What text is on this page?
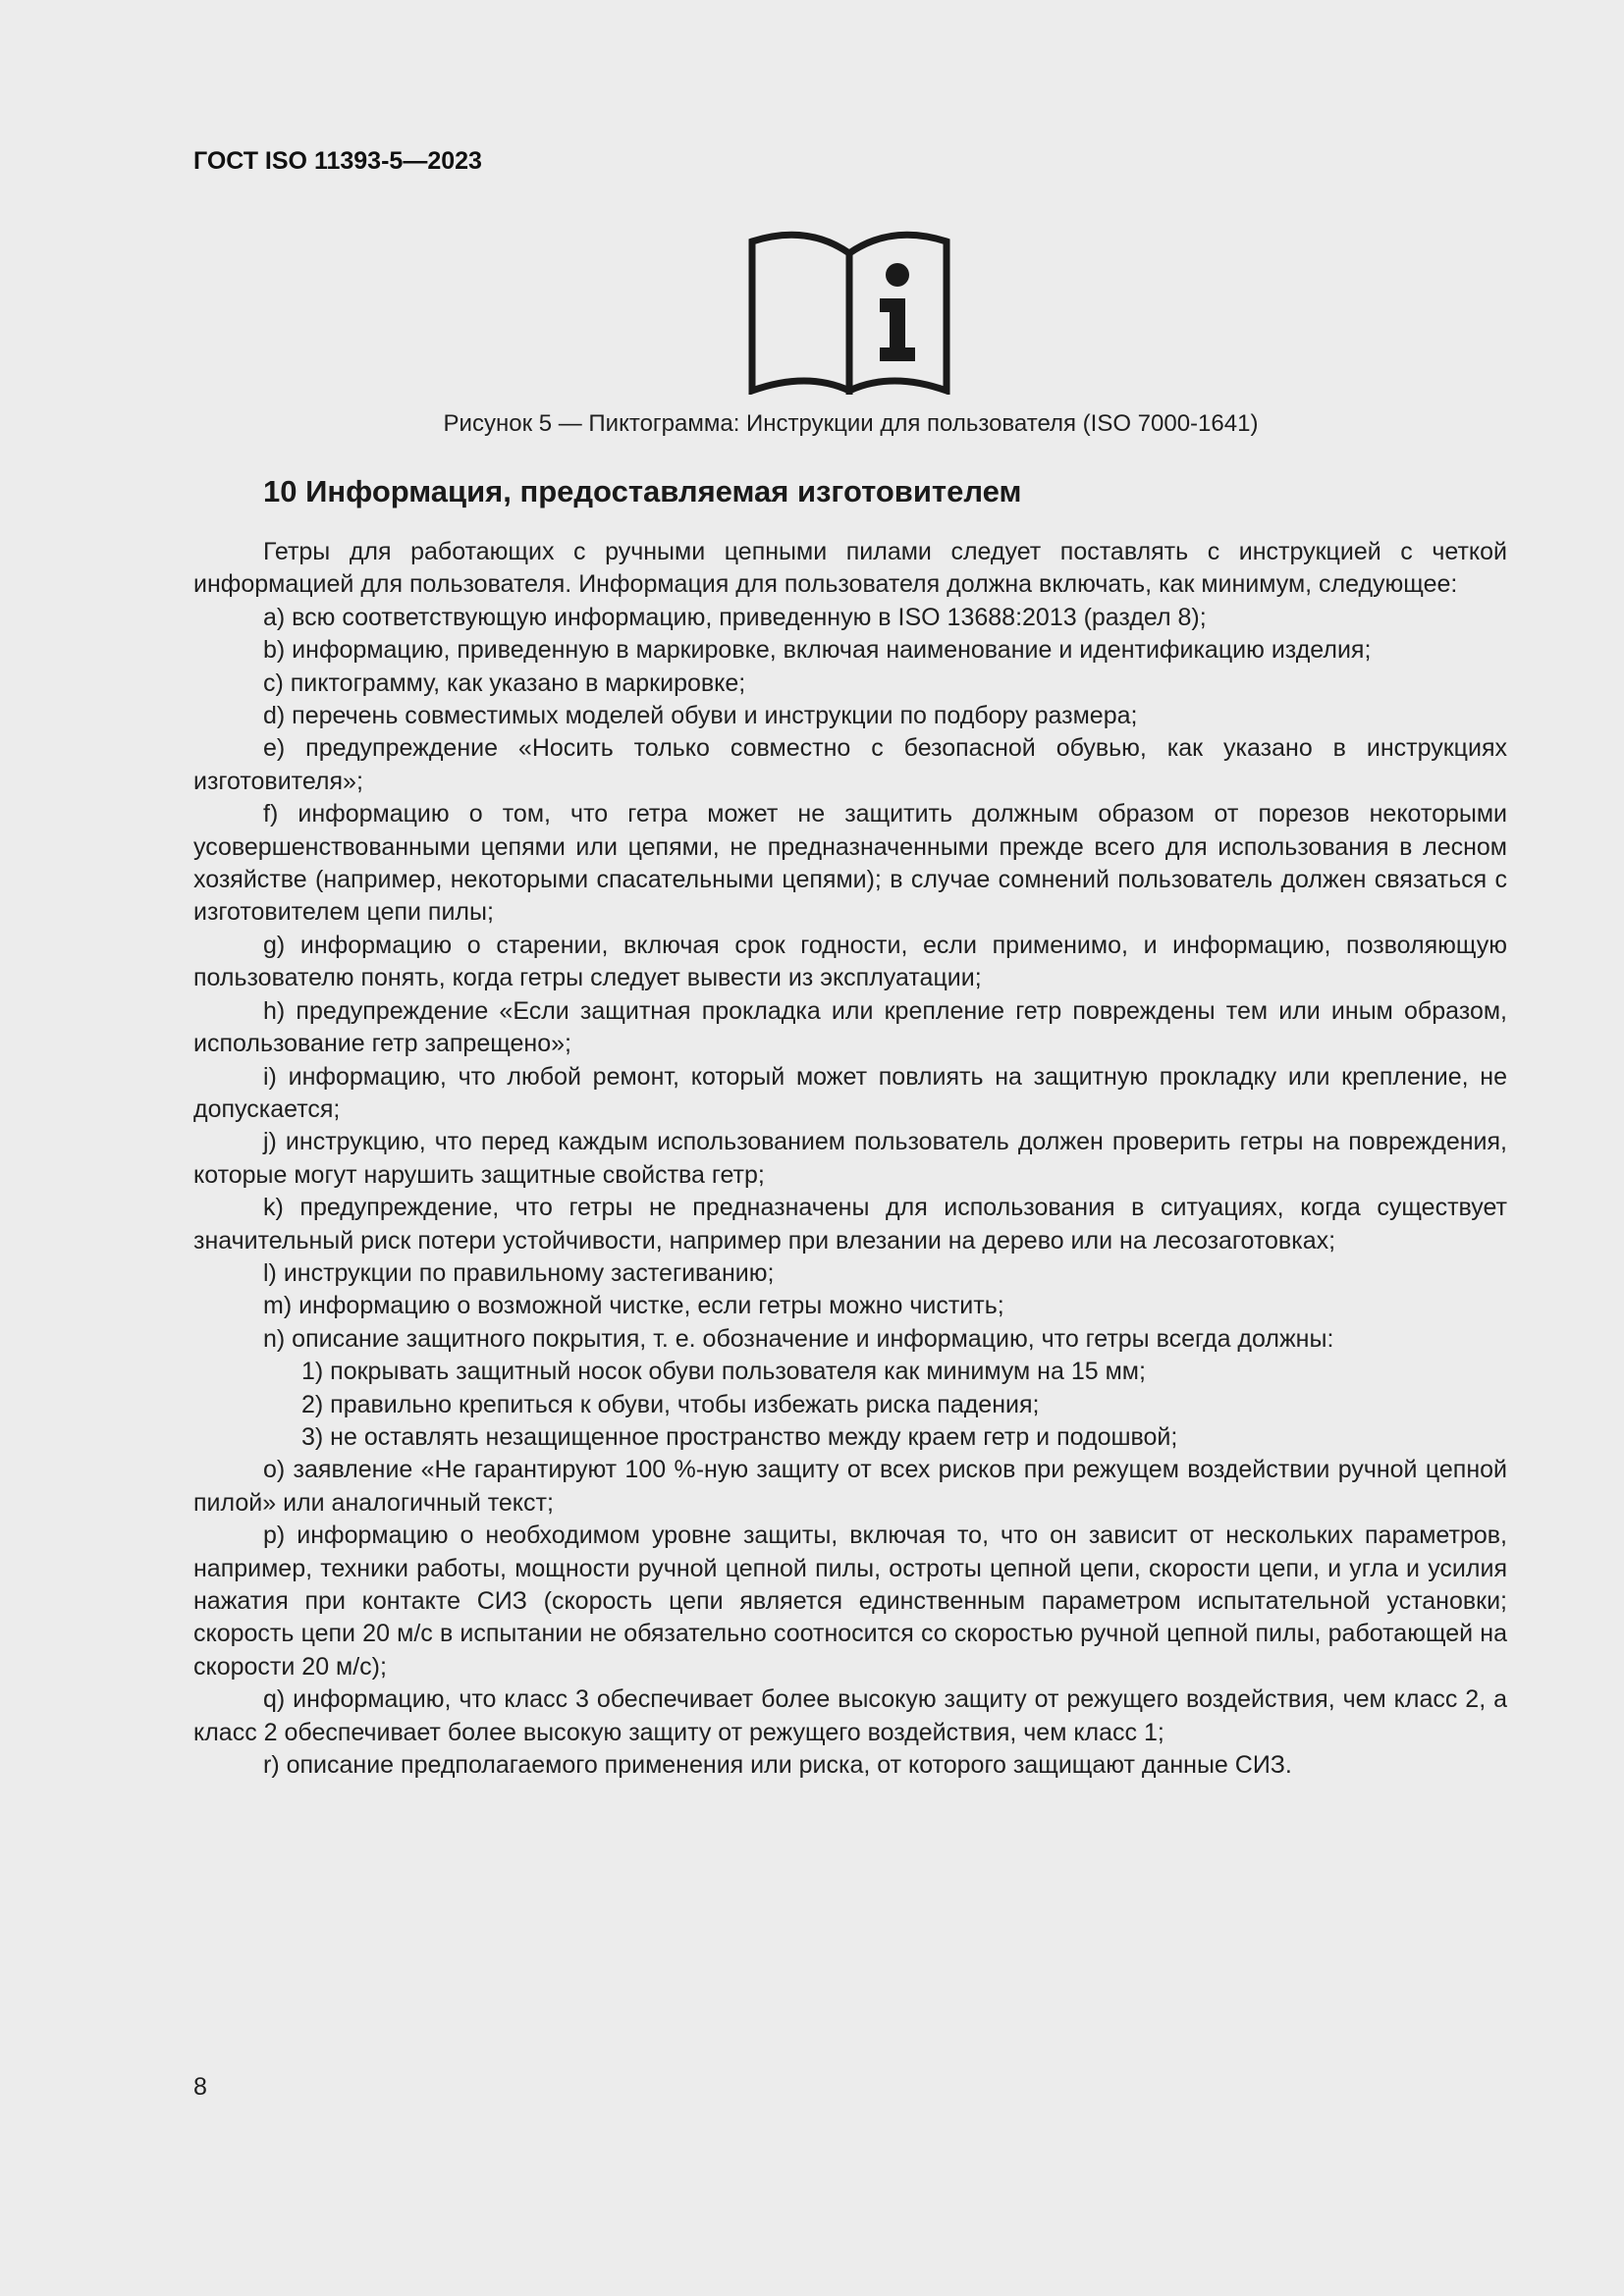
ГОСТ ISO 11393-5—2023
Рисунок 5 — Пиктограмма: Инструкции для пользователя (ISO 7000-1641)
10 Информация, предоставляемая изготовителем

Гетры для работающих с ручными цепными пилами следует поставлять с инструкцией с четкой информацией для пользователя. Информация для пользователя должна включать, как минимум, следующее:

a) всю соответствующую информацию, приведенную в ISO 13688:2013 (раздел 8);

b) информацию, приведенную в маркировке, включая наименование и идентификацию изделия;

c) пиктограмму, как указано в маркировке;

d) перечень совместимых моделей обуви и инструкции по подбору размера;

e) предупреждение «Носить только совместно с безопасной обувью, как указано в инструкциях изготовителя»;

f) информацию о том, что гетра может не защитить должным образом от порезов некоторыми усовершенствованными цепями или цепями, не предназначенными прежде всего для использования в лесном хозяйстве (например, некоторыми спасательными цепями); в случае сомнений пользователь должен связаться с изготовителем цепи пилы;

g) информацию о старении, включая срок годности, если применимо, и информацию, позволяющую пользователю понять, когда гетры следует вывести из эксплуатации;

h) предупреждение «Если защитная прокладка или крепление гетр повреждены тем или иным образом, использование гетр запрещено»;

i) информацию, что любой ремонт, который может повлиять на защитную прокладку или крепление, не допускается;

j) инструкцию, что перед каждым использованием пользователь должен проверить гетры на повреждения, которые могут нарушить защитные свойства гетр;

k) предупреждение, что гетры не предназначены для использования в ситуациях, когда существует значительный риск потери устойчивости, например при влезании на дерево или на лесозаготовках;

l) инструкции по правильному застегиванию;

m) информацию о возможной чистке, если гетры можно чистить;

n) описание защитного покрытия, т. е. обозначение и информацию, что гетры всегда должны:

1) покрывать защитный носок обуви пользователя как минимум на 15 мм;

2) правильно крепиться к обуви, чтобы избежать риска падения;

3) не оставлять незащищенное пространство между краем гетр и подошвой;

o) заявление «Не гарантируют 100 %-ную защиту от всех рисков при режущем воздействии ручной цепной пилой» или аналогичный текст;

p) информацию о необходимом уровне защиты, включая то, что он зависит от нескольких параметров, например, техники работы, мощности ручной цепной пилы, остроты цепной цепи, скорости цепи, и угла и усилия нажатия при контакте СИЗ (скорость цепи является единственным параметром испытательной установки; скорость цепи 20 м/с в испытании не обязательно соотносится со скоростью ручной цепной пилы, работающей на скорости 20 м/с);

q) информацию, что класс 3 обеспечивает более высокую защиту от режущего воздействия, чем класс 2, а класс 2 обеспечивает более высокую защиту от режущего воздействия, чем класс 1;

r) описание предполагаемого применения или риска, от которого защищают данные СИЗ.

8
